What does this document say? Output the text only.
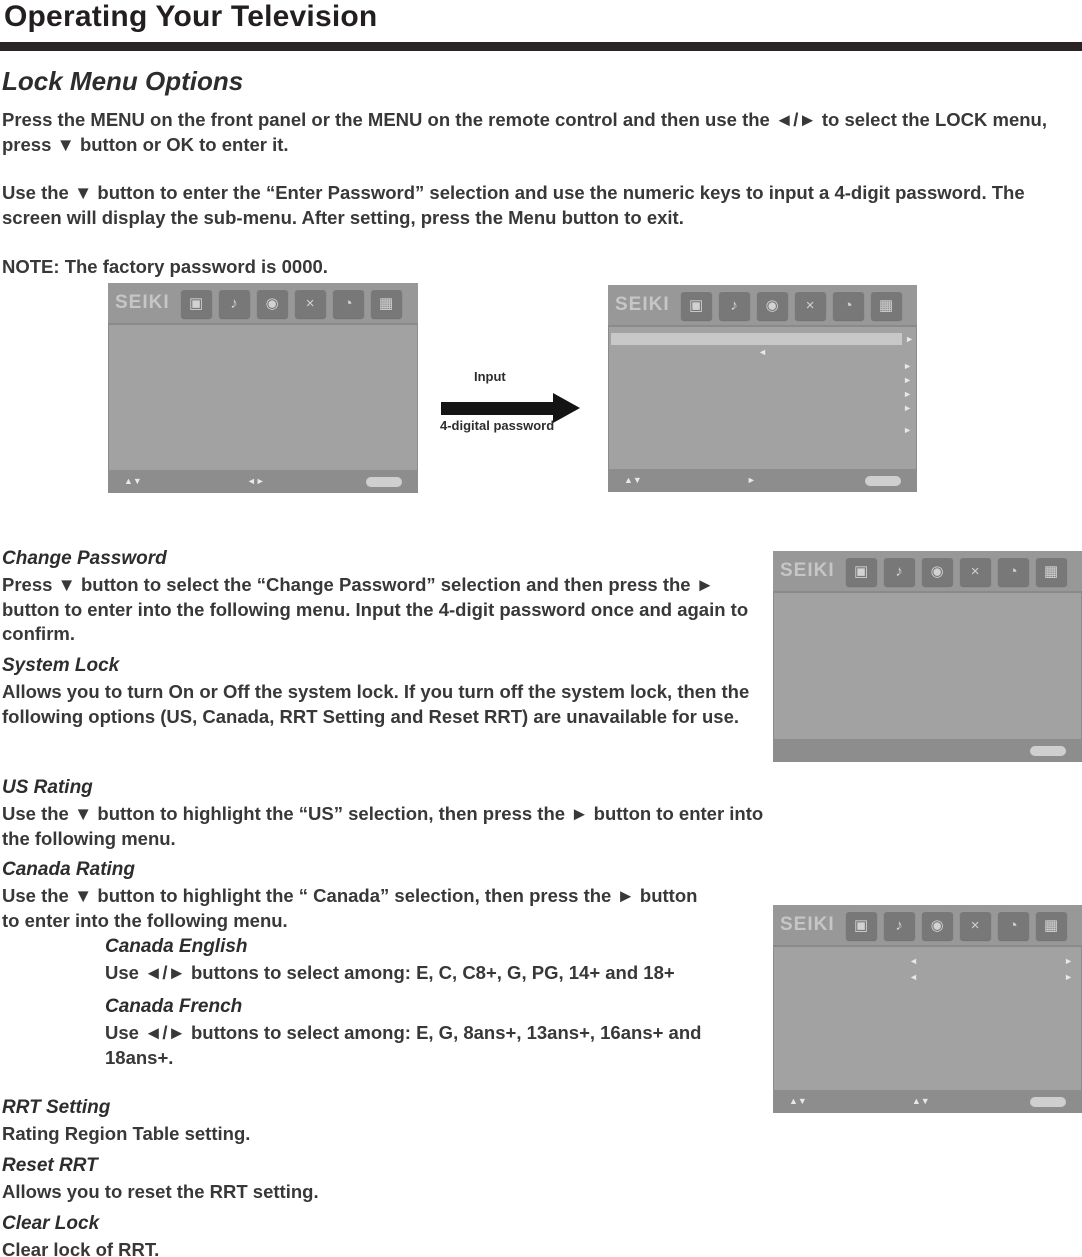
Operating Your Television
Lock Menu Options
Press the MENU on the front panel or the MENU on the remote control and then use the ◄/► to select the LOCK menu, press ▼ button or OK to enter it.
Use the ▼ button to enter the “Enter Password” selection and use the numeric keys to input a 4-digit password. The screen will display the sub-menu. After setting, press the Menu button to exit.
NOTE: The factory password is 0000.
SEIKI	▣	♪	◉	×	◔	▦
▲▼	◄►
Input
4-digital password
SEIKI	▣	♪	◉	×	◔	▦
►
◄
►
►
►
►
►
▲▼	►
Change Password

Press ▼ button to select the “Change Password” selection and then press the ► button to enter into the following menu. Input the 4-digit password once and again to confirm.

System Lock

Allows you to turn On or Off the system lock. If you turn off the system lock, then the following options (US, Canada, RRT Setting and Reset RRT) are unavailable for use.

US Rating

Use the ▼ button to highlight the “US” selection, then press the ► button to enter into the following menu.

Canada Rating

Use the ▼ button to highlight the “ Canada” selection, then press the ► button to enter into the following menu.

Canada English

Use ◄/► buttons to select among: E, C, C8+, G, PG, 14+ and 18+

Canada French

Use ◄/► buttons to select among: E, G, 8ans+, 13ans+, 16ans+ and 18ans+.

RRT Setting

Rating Region Table setting.

Reset RRT

Allows you to reset the RRT setting.

Clear Lock

Clear lock of RRT.

SEIKI	▣	♪	◉	×	◔	▦
SEIKI	▣	♪	◉	×	◔	▦
◄	►
◄	►
▲▼	▲▼
